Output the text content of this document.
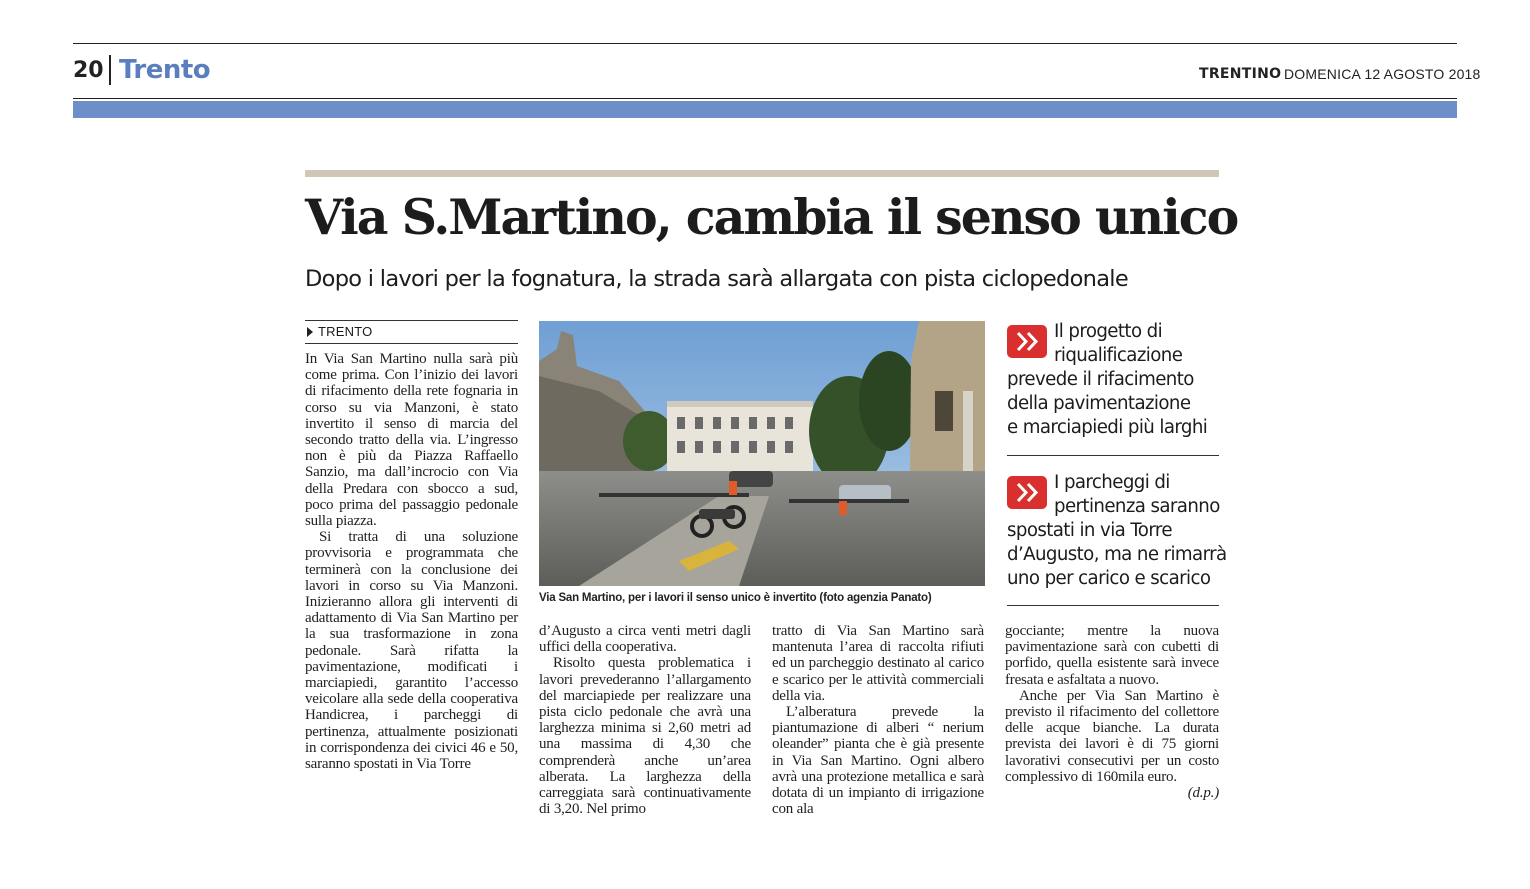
20 Trento	TRENTINO DOMENICA 12 AGOSTO 2018
Via S.Martino, cambia il senso unico
Dopo i lavori per la fognatura, la strada sarà allargata con pista ciclopedonale
TRENTO

In Via San Martino nulla sarà più come prima. Con l’inizio dei lavori di rifacimento della rete fognaria in corso su via Manzoni, è stato invertito il senso di marcia del secondo tratto della via. L’ingresso non è più da Piazza Raffaello Sanzio, ma dall’incrocio con Via della Predara con sbocco a sud, poco prima del passaggio pedonale sulla piazza.

Si tratta di una soluzione provvisoria e programmata che terminerà con la conclusione dei lavori in corso su Via Manzoni. Inizieranno allora gli interventi di adattamento di Via San Martino per la sua trasformazione in zona pedonale. Sarà rifatta la pavimentazione, modificati i marciapiedi, garantito l’accesso veicolare alla sede della cooperativa Handicrea, i parcheggi di pertinenza, attualmente posizionati in corrispondenza dei civici 46 e 50, saranno spostati in Via Torre

d’Augusto a circa venti metri dagli uffici della cooperativa.

Risolto questa problematica i lavori prevederanno l’allargamento del marciapiede per realizzare una pista ciclo pedonale che avrà una larghezza minima si 2,60 metri ad una massima di 4,30 che comprenderà anche un’area alberata. La larghezza della carreggiata sarà continuativamente di 3,20. Nel primo

tratto di Via San Martino sarà mantenuta l’area di raccolta rifiuti ed un parcheggio destinato al carico e scarico per le attività commerciali della via.

L’alberatura prevede la piantumazione di alberi “ nerium oleander” pianta che è già presente in Via San Martino. Ogni albero avrà una protezione metallica e sarà dotata di un impianto di irrigazione con ala

gocciante; mentre la nuova pavimentazione sarà con cubetti di porfido, quella esistente sarà invece fresata e asfaltata a nuovo.

Anche per Via San Martino è previsto il rifacimento del collettore delle acque bianche. La durata prevista dei lavori è di 75 giorni lavorativi consecutivi per un costo complessivo di 160mila euro.
(d.p.)

Via San Martino, per i lavori il senso unico è invertito (foto agenzia Panato)
Il progetto di
riqualificazione
prevede il rifacimento
della pavimentazione
e marciapiedi più larghi
I parcheggi di
pertinenza saranno
spostati in via Torre
d’Augusto, ma ne rimarrà
uno per carico e scarico
